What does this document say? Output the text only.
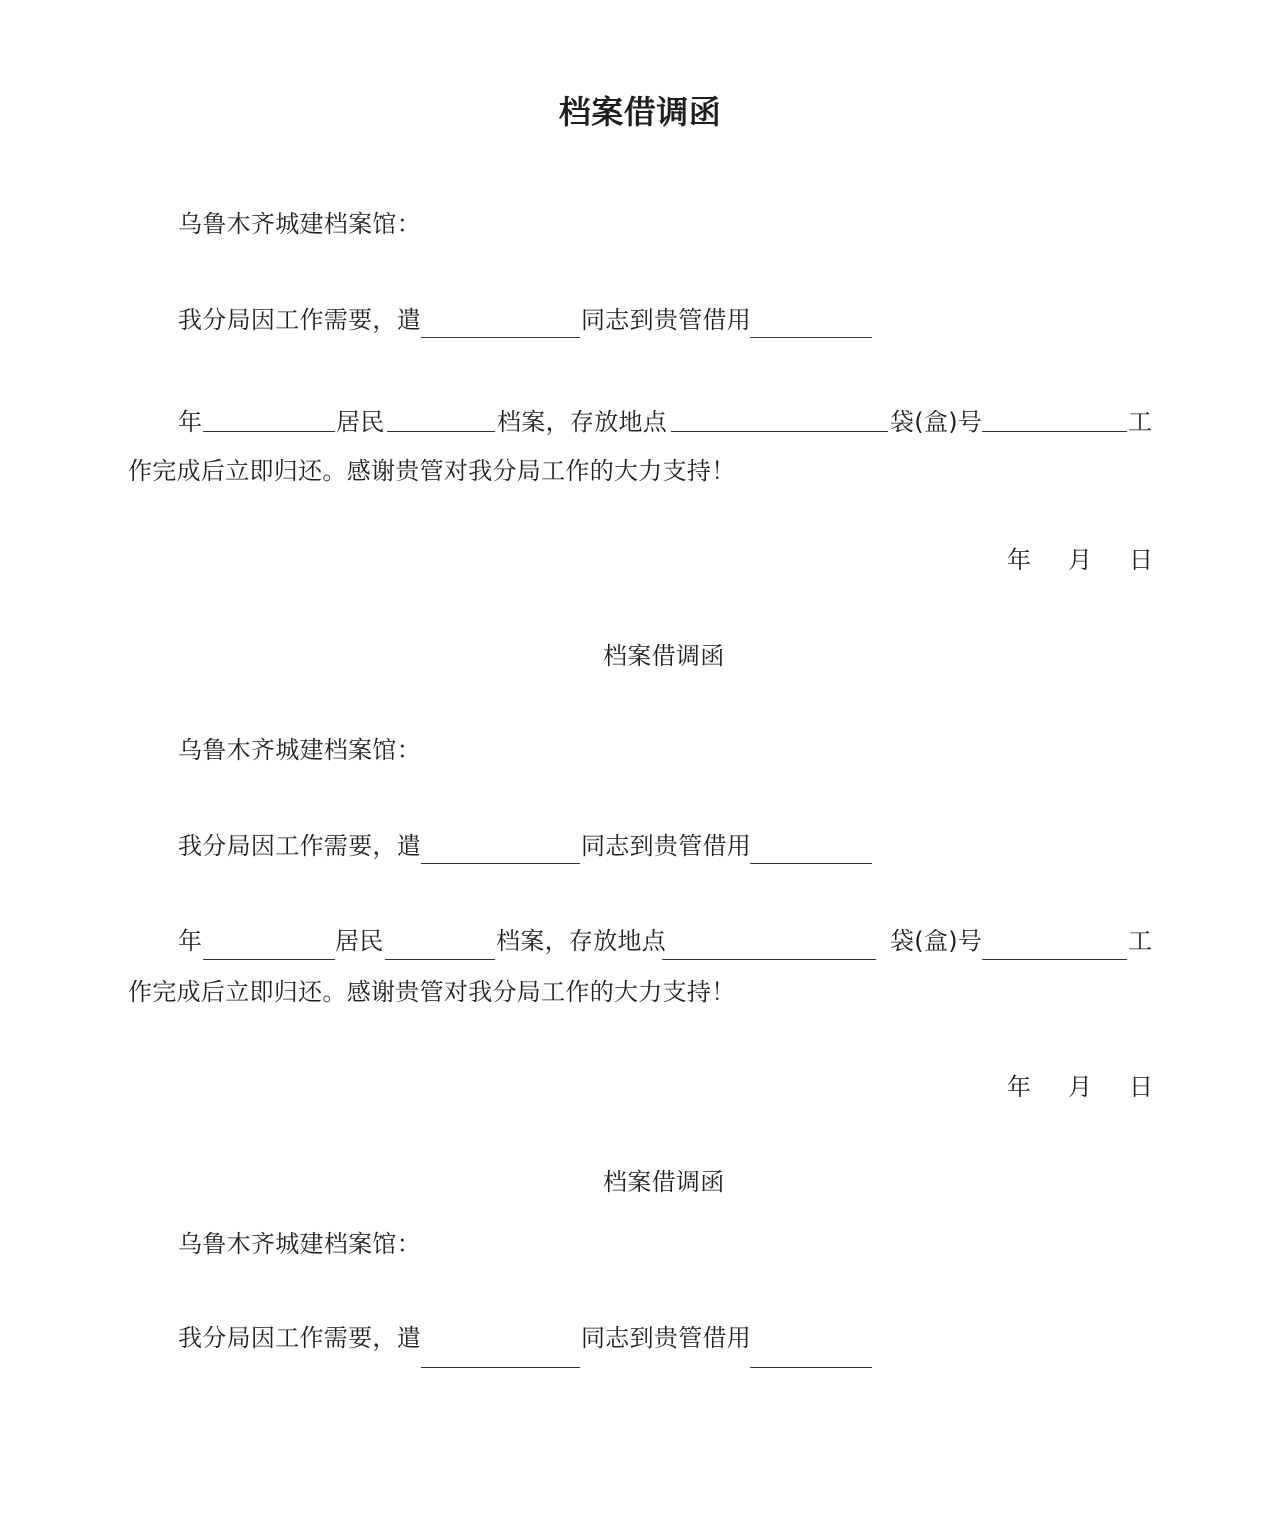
档案借调函
乌鲁木齐城建档案馆：
我分局因工作需要，遣	同志到贵管借用
年	居民	档案，存放地点	袋(盒)号	工
作完成后立即归还。感谢贵管对我分局工作的大力支持！
年 月 日
档案借调函
乌鲁木齐城建档案馆：
我分局因工作需要，遣	同志到贵管借用
年	居民	档案，存放地点	袋(盒)号	工
作完成后立即归还。感谢贵管对我分局工作的大力支持！
年 月 日
档案借调函
乌鲁木齐城建档案馆：
我分局因工作需要，遣	同志到贵管借用
